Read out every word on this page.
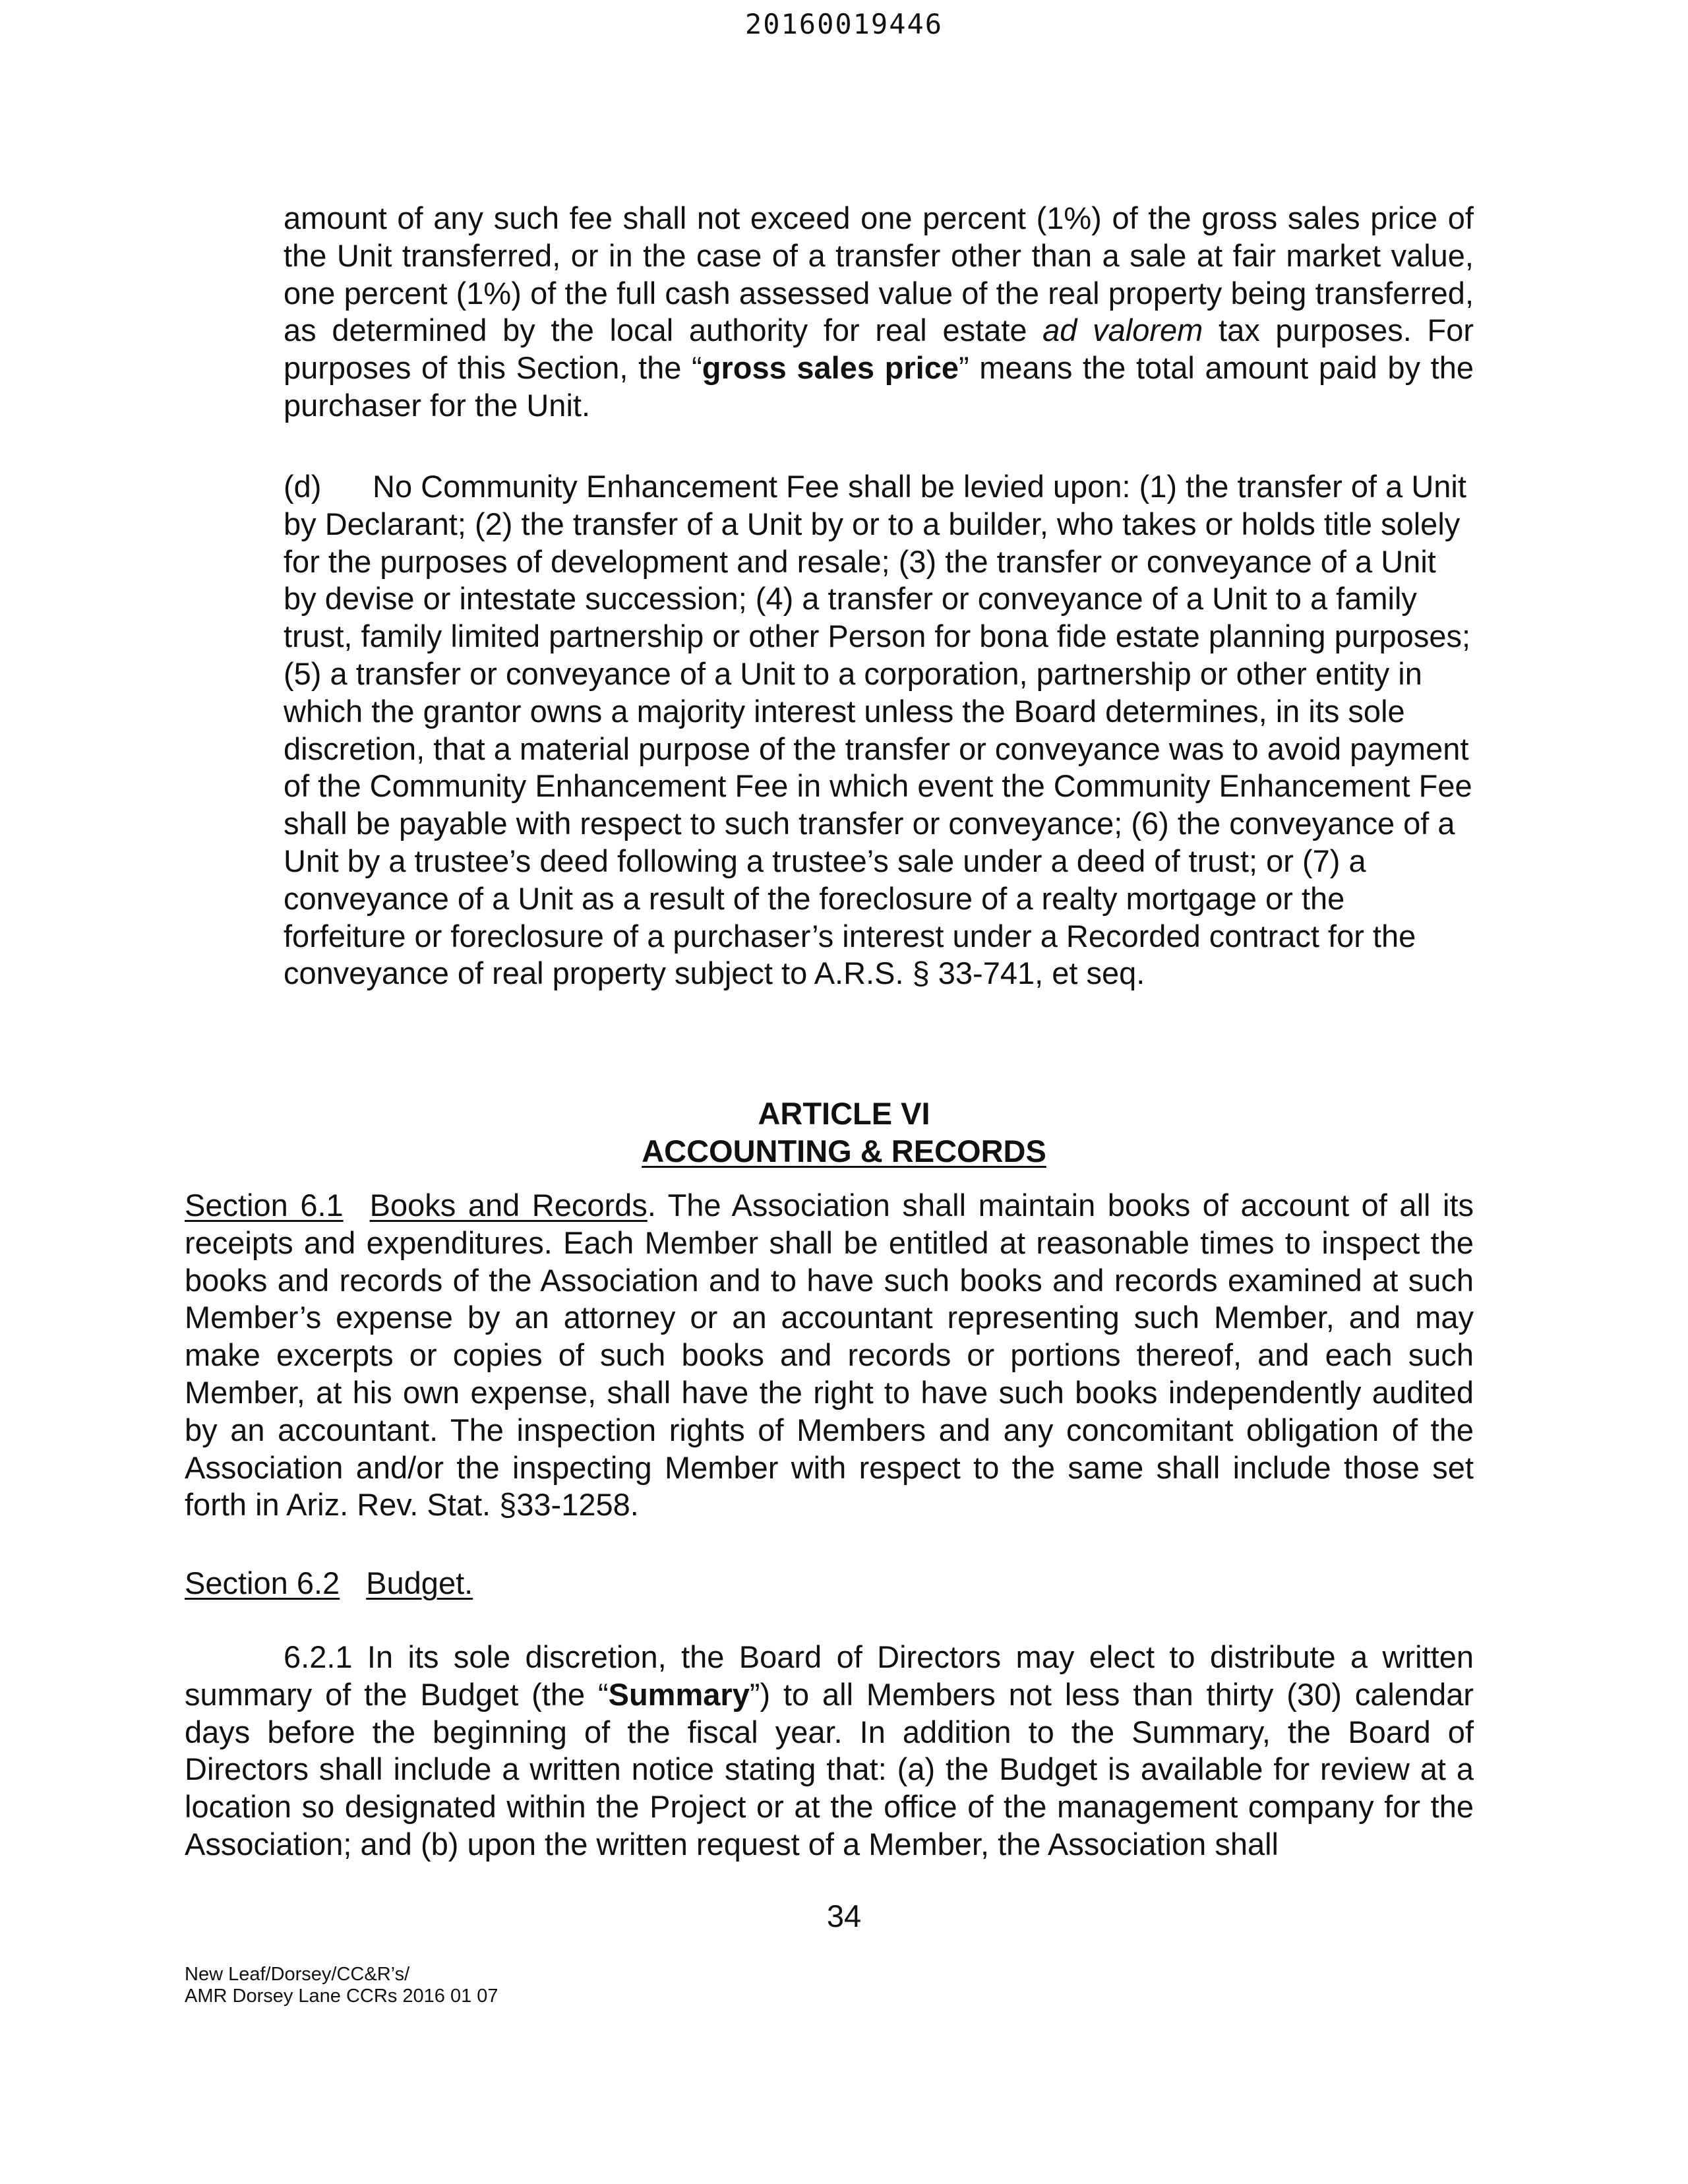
20160019446

amount of any such fee shall not exceed one percent (1%) of the gross sales price of the Unit transferred, or in the case of a transfer other than a sale at fair market value, one percent (1%) of the full cash assessed value of the real property being transferred, as determined by the local authority for real estate ad valorem tax purposes. For purposes of this Section, the “gross sales price” means the total amount paid by the purchaser for the Unit.

(d) No Community Enhancement Fee shall be levied upon: (1) the transfer of a Unit by Declarant; (2) the transfer of a Unit by or to a builder, who takes or holds title solely for the purposes of development and resale; (3) the transfer or conveyance of a Unit by devise or intestate succession; (4) a transfer or conveyance of a Unit to a family trust, family limited partnership or other Person for bona fide estate planning purposes; (5) a transfer or conveyance of a Unit to a corporation, partnership or other entity in which the grantor owns a majority interest unless the Board determines, in its sole discretion, that a material purpose of the transfer or conveyance was to avoid payment of the Community Enhancement Fee in which event the Community Enhancement Fee shall be payable with respect to such transfer or conveyance; (6) the conveyance of a Unit by a trustee’s deed following a trustee’s sale under a deed of trust; or (7) a conveyance of a Unit as a result of the foreclosure of a realty mortgage or the forfeiture or foreclosure of a purchaser’s interest under a Recorded contract for the conveyance of real property subject to A.R.S. § 33-741, et seq.

ARTICLE VI
ACCOUNTING & RECORDS

Section 6.1 Books and Records. The Association shall maintain books of account of all its receipts and expenditures. Each Member shall be entitled at reasonable times to inspect the books and records of the Association and to have such books and records examined at such Member’s expense by an attorney or an accountant representing such Member, and may make excerpts or copies of such books and records or portions thereof, and each such Member, at his own expense, shall have the right to have such books independently audited by an accountant. The inspection rights of Members and any concomitant obligation of the Association and/or the inspecting Member with respect to the same shall include those set forth in Ariz. Rev. Stat. §33-1258.

Section 6.2 Budget.

6.2.1 In its sole discretion, the Board of Directors may elect to distribute a written summary of the Budget (the “Summary”) to all Members not less than thirty (30) calendar days before the beginning of the fiscal year. In addition to the Summary, the Board of Directors shall include a written notice stating that: (a) the Budget is available for review at a location so designated within the Project or at the office of the management company for the Association; and (b) upon the written request of a Member, the Association shall

34
New Leaf/Dorsey/CC&R’s/
AMR Dorsey Lane CCRs 2016 01 07
